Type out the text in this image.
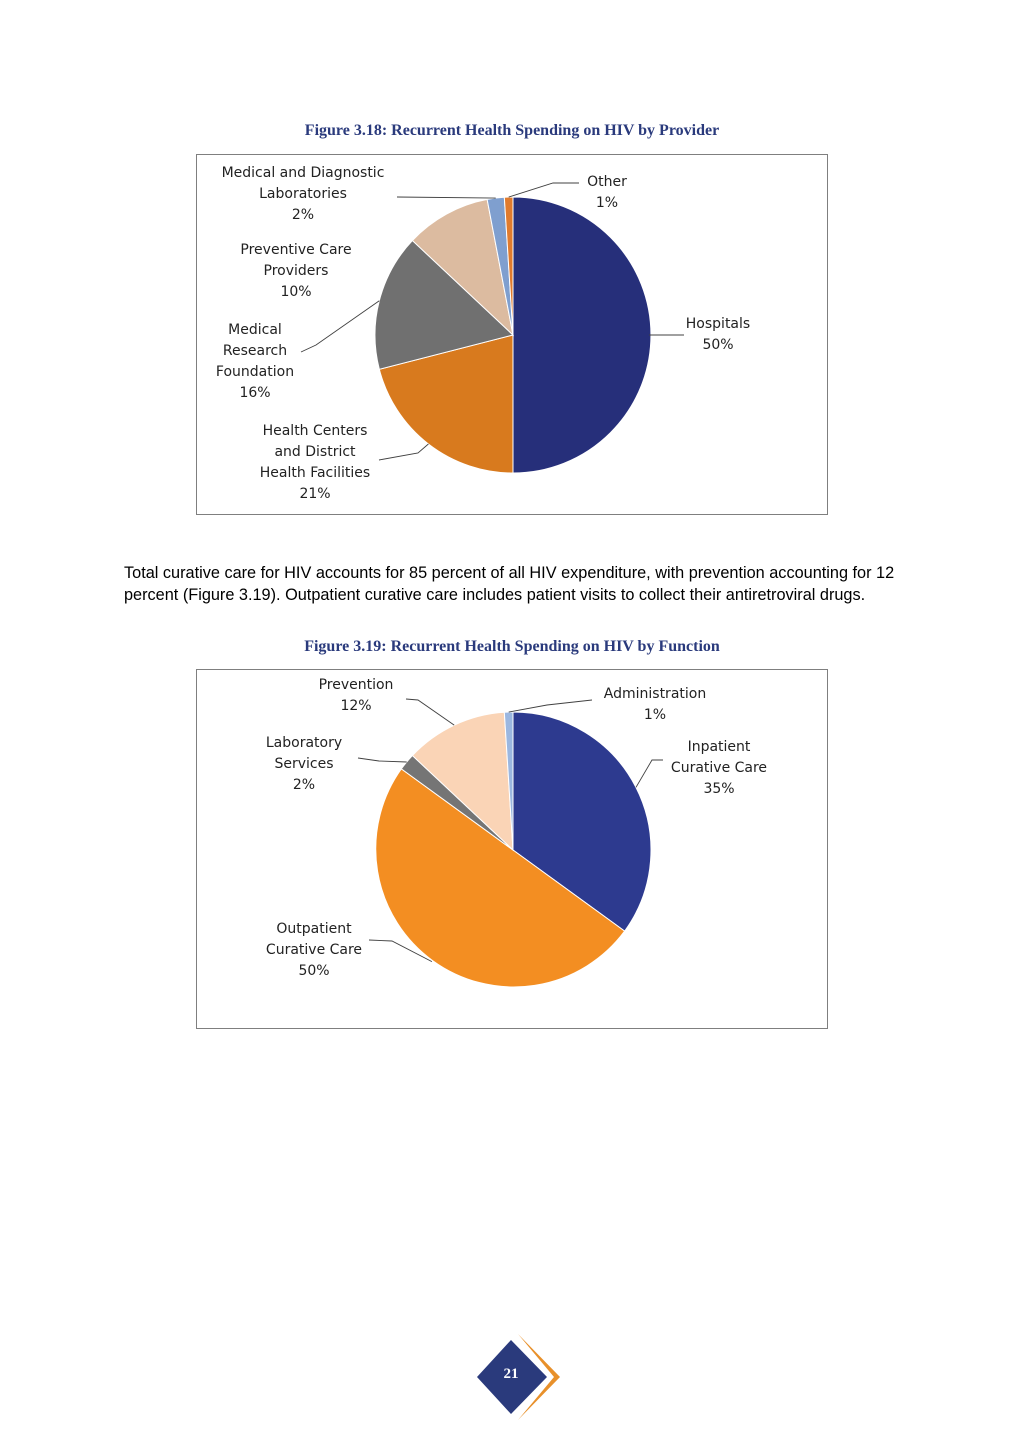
Figure 3.18: Recurrent Health Spending on HIV by Provider
Hospitals
50%
Health Centers
and District
Health Facilities
21%
Medical
Research
Foundation
16%
Preventive Care
Providers
10%
Medical and Diagnostic
Laboratories
2%
Other
1%
Total curative care for HIV accounts for 85 percent of all HIV expenditure, with prevention accounting for 12 percent (Figure 3.19). Outpatient curative care includes patient visits to collect their antiretroviral drugs.
Figure 3.19: Recurrent Health Spending on HIV by Function
Inpatient
Curative Care
35%
Outpatient
Curative Care
50%
Laboratory
Services
2%
Prevention
12%
Administration
1%
21
